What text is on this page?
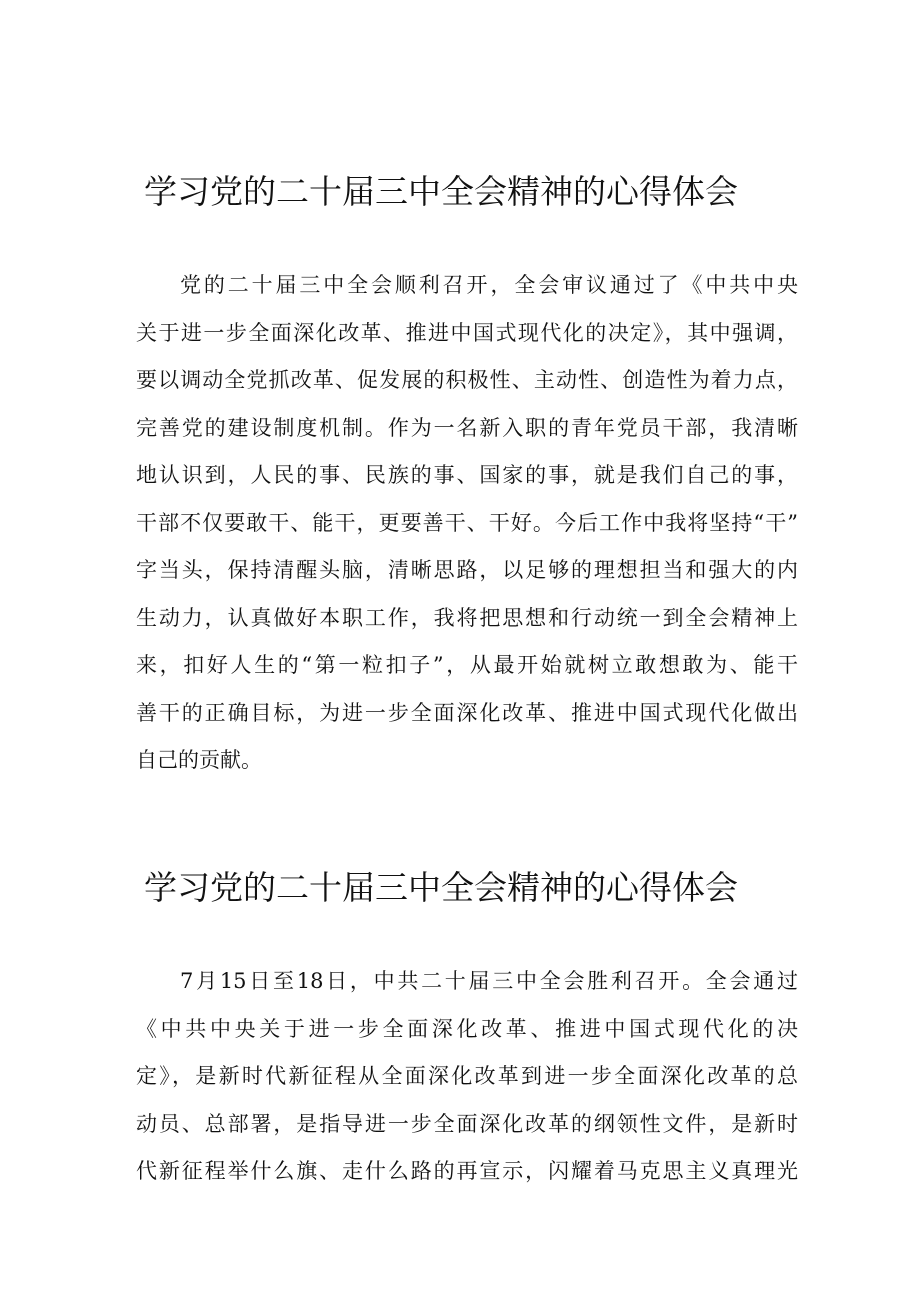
学习党的二十届三中全会精神的心得体会
党的二十届三中全会顺利召开，全会审议通过了《中共中央
关于进一步全面深化改革、推进中国式现代化的决定》，其中强调，
要以调动全党抓改革、促发展的积极性、主动性、创造性为着力点，
完善党的建设制度机制。作为一名新入职的青年党员干部，我清晰
地认识到，人民的事、民族的事、国家的事，就是我们自己的事，
干部不仅要敢干、能干，更要善干、干好。今后工作中我将坚持“干”
字当头，保持清醒头脑，清晰思路，以足够的理想担当和强大的内
生动力，认真做好本职工作，我将把思想和行动统一到全会精神上
来，扣好人生的“第一粒扣子”，从最开始就树立敢想敢为、能干
善干的正确目标，为进一步全面深化改革、推进中国式现代化做出
自己的贡献。
学习党的二十届三中全会精神的心得体会
7月15日至18日，中共二十届三中全会胜利召开。全会通过
《中共中央关于进一步全面深化改革、推进中国式现代化的决
定》，是新时代新征程从全面深化改革到进一步全面深化改革的总
动员、总部署，是指导进一步全面深化改革的纲领性文件，是新时
代新征程举什么旗、走什么路的再宣示，闪耀着马克思主义真理光
